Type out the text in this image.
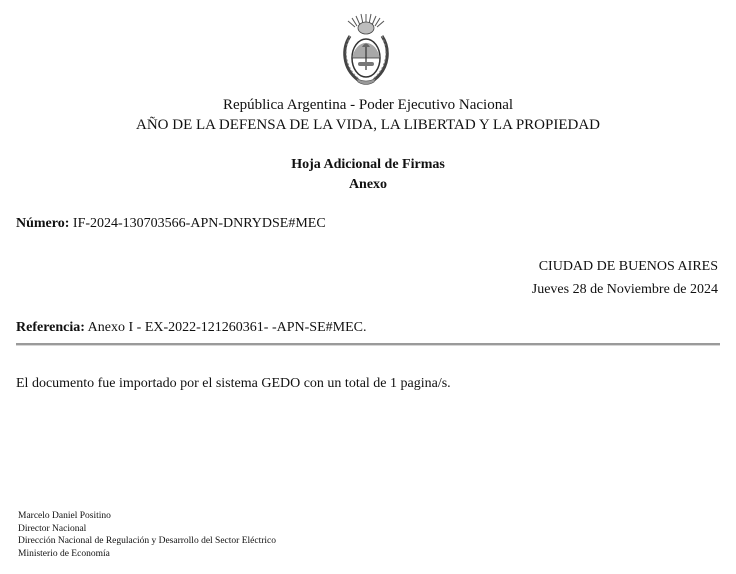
República Argentina - Poder Ejecutivo Nacional
AÑO DE LA DEFENSA DE LA VIDA, LA LIBERTAD Y LA PROPIEDAD
Hoja Adicional de Firmas
Anexo
Número: IF-2024-130703566-APN-DNRYDSE#MEC
CIUDAD DE BUENOS AIRES
Jueves 28 de Noviembre de 2024
Referencia: Anexo I - EX-2022-121260361- -APN-SE#MEC.
El documento fue importado por el sistema GEDO con un total de 1 pagina/s.
Marcelo Daniel Positino
Director Nacional
Dirección Nacional de Regulación y Desarrollo del Sector Eléctrico
Ministerio de Economía
